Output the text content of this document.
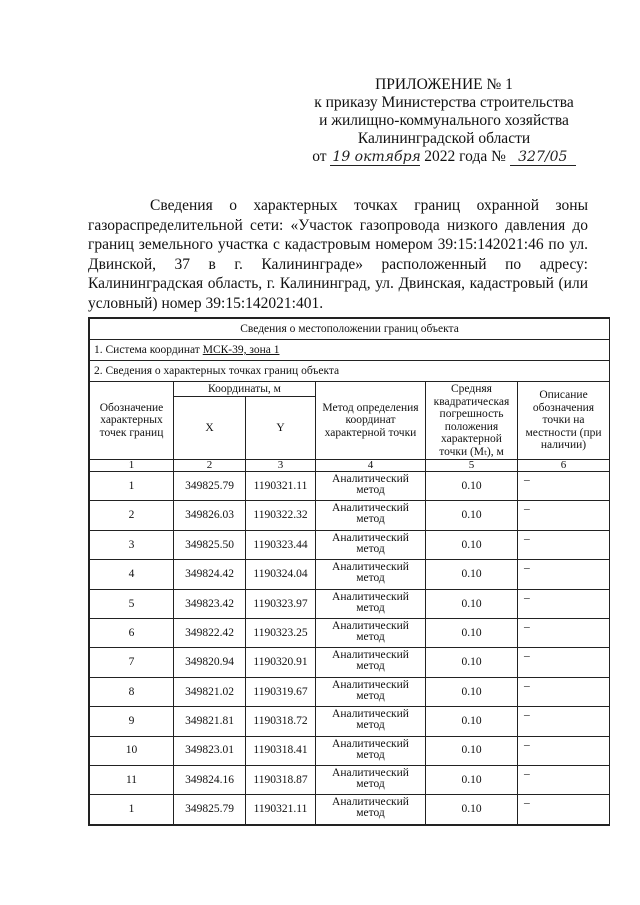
ПРИЛОЖЕНИЕ № 1
к приказу Министерства строительства
и жилищно-коммунального хозяйства
Калининградской области
от 19 октября 2022 года № 327/05
Сведения о характерных точках границ охранной зоны газораспределительной сети: «Участок газопровода низкого давления до границ земельного участка с кадастровым номером 39:15:142021:46 по ул. Двинской, 37 в г. Калининграде» расположенный по адресу: Калининградская область, г. Калининград, ул. Двинская, кадастровый (или условный) номер 39:15:142021:401.
Сведения о местоположении границ объекта					
1. Система координат МСК-39, зона 1					
2. Сведения о характерных точках границ объекта					
Обозначение характерных точек границ	Координаты, м		Метод определения координат характерной точки	Средняя квадратическая погрешность положения характерной точки (Мₜ), м	Описание обозначения точки на местности (при наличии)
	X	Y			
1	2	3	4	5	6
1	349825.79	1190321.11	Аналитический метод	0.10	–
2	349826.03	1190322.32	Аналитический метод	0.10	–
3	349825.50	1190323.44	Аналитический метод	0.10	–
4	349824.42	1190324.04	Аналитический метод	0.10	–
5	349823.42	1190323.97	Аналитический метод	0.10	–
6	349822.42	1190323.25	Аналитический метод	0.10	–
7	349820.94	1190320.91	Аналитический метод	0.10	–
8	349821.02	1190319.67	Аналитический метод	0.10	–
9	349821.81	1190318.72	Аналитический метод	0.10	–
10	349823.01	1190318.41	Аналитический метод	0.10	–
11	349824.16	1190318.87	Аналитический метод	0.10	–
1	349825.79	1190321.11	Аналитический метод	0.10	–
